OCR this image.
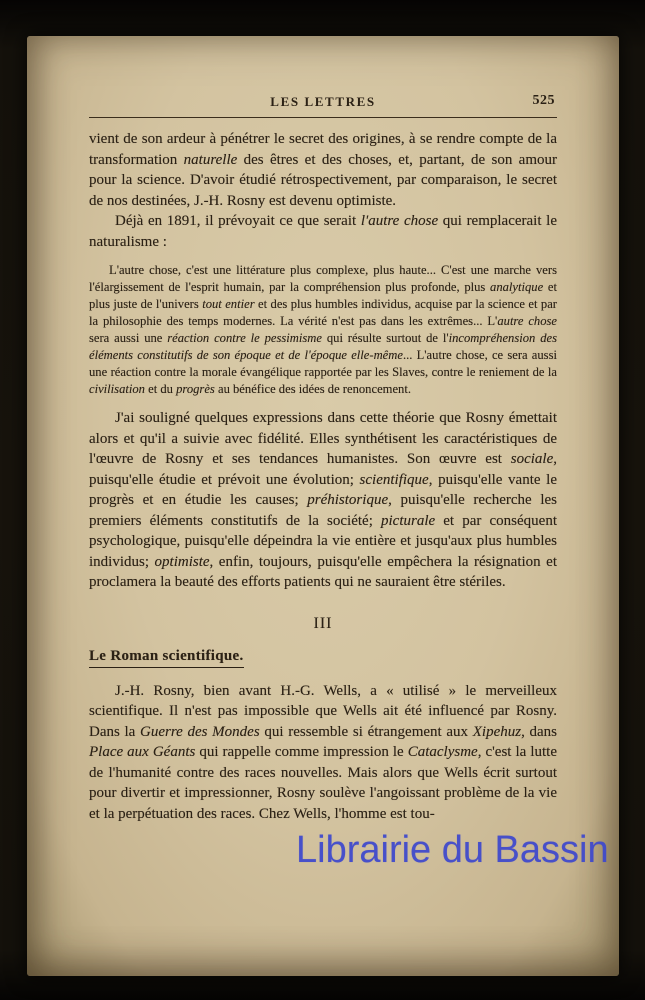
LES LETTRES	525

vient de son ardeur à pénétrer le secret des origines, à se rendre compte de la transformation naturelle des êtres et des choses, et, partant, de son amour pour la science. D'avoir étudié rétrospectivement, par comparaison, le secret de nos destinées, J.-H. Rosny est devenu optimiste.

Déjà en 1891, il prévoyait ce que serait l'autre chose qui remplacerait le naturalisme :

L'autre chose, c'est une littérature plus complexe, plus haute... C'est une marche vers l'élargissement de l'esprit humain, par la compréhension plus profonde, plus analytique et plus juste de l'univers tout entier et des plus humbles individus, acquise par la science et par la philosophie des temps modernes. La vérité n'est pas dans les extrêmes... L'autre chose sera aussi une réaction contre le pessimisme qui résulte surtout de l'incompréhension des éléments constitutifs de son époque et de l'époque elle-même... L'autre chose, ce sera aussi une réaction contre la morale évangélique rapportée par les Slaves, contre le reniement de la civilisation et du progrès au bénéfice des idées de renoncement.

J'ai souligné quelques expressions dans cette théorie que Rosny émettait alors et qu'il a suivie avec fidélité. Elles synthétisent les caractéristiques de l'œuvre de Rosny et ses tendances humanistes. Son œuvre est sociale, puisqu'elle étudie et prévoit une évolution; scientifique, puisqu'elle vante le progrès et en étudie les causes; préhistorique, puisqu'elle recherche les premiers éléments constitutifs de la société; picturale et par conséquent psychologique, puisqu'elle dépeindra la vie entière et jusqu'aux plus humbles individus; optimiste, enfin, toujours, puisqu'elle empêchera la résignation et proclamera la beauté des efforts patients qui ne sauraient être stériles.

III
Le Roman scientifique.

J.-H. Rosny, bien avant H.-G. Wells, a « utilisé » le merveilleux scientifique. Il n'est pas impossible que Wells ait été influencé par Rosny. Dans la Guerre des Mondes qui ressemble si étrangement aux Xipehuz, dans Place aux Géants qui rappelle comme impression le Cataclysme, c'est la lutte de l'humanité contre des races nouvelles. Mais alors que Wells écrit surtout pour divertir et impressionner, Rosny soulève l'angoissant problème de la vie et la perpétuation des races. Chez Wells, l'homme est tou-

Librairie du Bassin
